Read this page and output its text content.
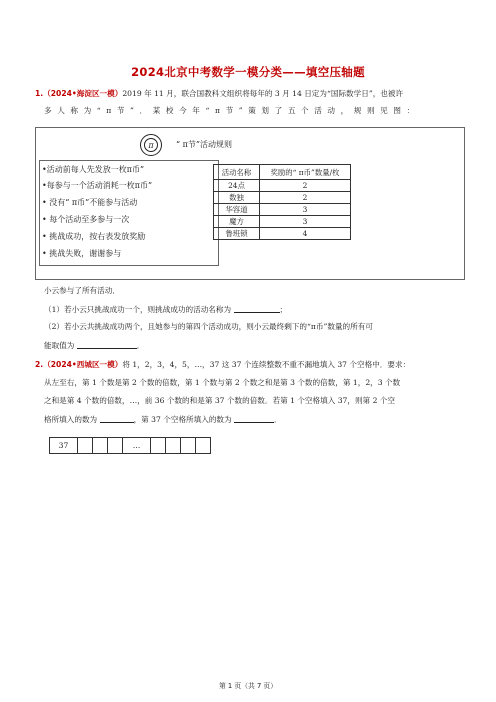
2024北京中考数学一模分类——填空压轴题
1.（2024•海淀区一模）2019 年 11 月，联合国教科文组织将每年的 3 月 14 日定为“国际数学日”，也被许
多人称为“π节”．某校今年“π节”策划了五个活动，规则见图：
π	“ π节”活动规则
•活动前每人先发放一枚π币”
•每参与一个活动消耗一枚π币”
• 没有“ π币”不能参与活动
• 每个活动至多参与一次
• 挑战成功，按右表发放奖励
• 挑战失败，谢谢参与
活动名称	奖励的“ π币”数量/枚
24点	2
数独	2
华容道	3
魔方	3
鲁班锁	4
小云参与了所有活动．
（1）若小云只挑战成功一个，则挑战成功的活动名称为	；
（2）若小云共挑战成功两个，且她参与的第四个活动成功，则小云最终剩下的“π币”数量的所有可
能取值为	．
2.（2024•西城区一模）将 1，2，3，4，5，…，37 这 37 个连续整数不重不漏地填入 37 个空格中．要求：
从左至右，第 1 个数是第 2 个数的倍数，第 1 个数与第 2 个数之和是第 3 个数的倍数，第 1，2，3 个数
之和是第 4 个数的倍数，…，前 36 个数的和是第 37 个数的倍数．若第 1 个空格填入 37，则第 2 个空
格所填入的数为	，第 37 个空格所填入的数为	．
37				…				
第 1 页（共 7 页）
